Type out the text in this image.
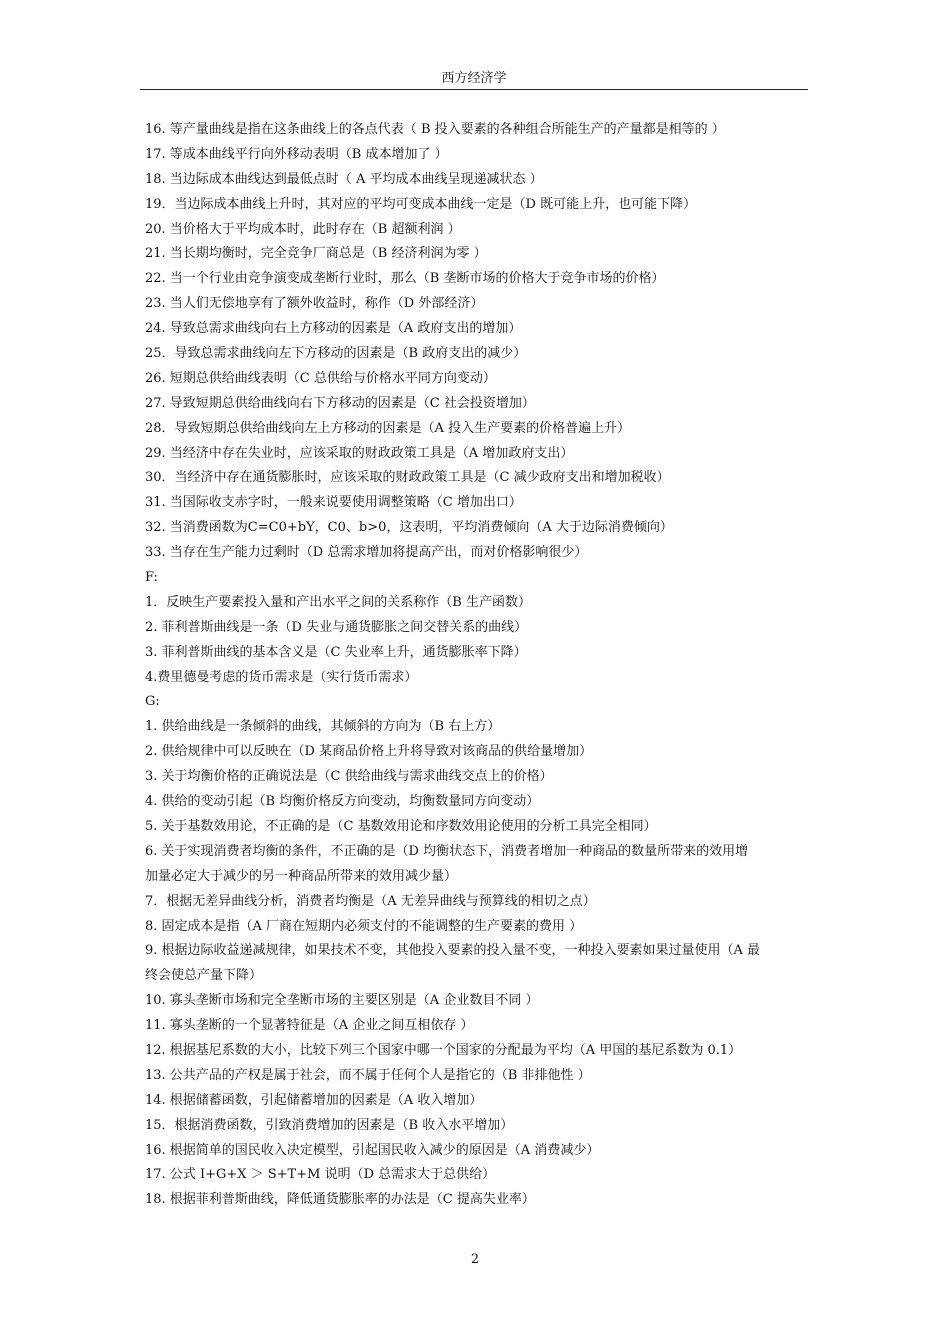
西方经济学
16. 等产量曲线是指在这条曲线上的各点代表（ B 投入要素的各种组合所能生产的产量都是相等的 ）
17. 等成本曲线平行向外移动表明（B 成本增加了 ）
18. 当边际成本曲线达到最低点时（ A 平均成本曲线呈现递减状态 ）
19．当边际成本曲线上升时，其对应的平均可变成本曲线一定是（D 既可能上升，也可能下降）
20. 当价格大于平均成本时，此时存在（B 超额利润 ）
21. 当长期均衡时，完全竞争厂商总是（B 经济利润为零 ）
22. 当一个行业由竞争演变成垄断行业时，那么（B 垄断市场的价格大于竞争市场的价格）
23. 当人们无偿地享有了额外收益时，称作（D 外部经济）
24. 导致总需求曲线向右上方移动的因素是（A 政府支出的增加）
25．导致总需求曲线向左下方移动的因素是（B 政府支出的减少）
26. 短期总供给曲线表明（C 总供给与价格水平同方向变动）
27. 导致短期总供给曲线向右下方移动的因素是（C 社会投资增加）
28．导致短期总供给曲线向左上方移动的因素是（A 投入生产要素的价格普遍上升）
29. 当经济中存在失业时，应该采取的财政政策工具是（A 增加政府支出）
30．当经济中存在通货膨胀时，应该采取的财政政策工具是（C 减少政府支出和增加税收）
31. 当国际收支赤字时，一般来说要使用调整策略（C 增加出口）
32. 当消费函数为C=C0+bY，C0、b>0，这表明，平均消费倾向（A 大于边际消费倾向）
33. 当存在生产能力过剩时（D 总需求增加将提高产出，而对价格影响很少）
F:
1．反映生产要素投入量和产出水平之间的关系称作（B 生产函数）
2. 菲利普斯曲线是一条（D 失业与通货膨胀之间交替关系的曲线）
3. 菲利普斯曲线的基本含义是（C 失业率上升，通货膨胀率下降）
4.费里德曼考虑的货币需求是（实行货币需求）
G:
1. 供给曲线是一条倾斜的曲线，其倾斜的方向为（B 右上方）
2. 供给规律中可以反映在（D 某商品价格上升将导致对该商品的供给量增加）
3. 关于均衡价格的正确说法是（C 供给曲线与需求曲线交点上的价格）
4. 供给的变动引起（B 均衡价格反方向变动，均衡数量同方向变动）
5. 关于基数效用论，不正确的是（C 基数效用论和序数效用论使用的分析工具完全相同）
6. 关于实现消费者均衡的条件，不正确的是（D 均衡状态下，消费者增加一种商品的数量所带来的效用增
加量必定大于减少的另一种商品所带来的效用减少量）
7．根据无差异曲线分析，消费者均衡是（A 无差异曲线与预算线的相切之点）
8. 固定成本是指（A 厂商在短期内必须支付的不能调整的生产要素的费用 ）
9. 根据边际收益递减规律，如果技术不变，其他投入要素的投入量不变，一种投入要素如果过量使用（A 最
终会使总产量下降）
10. 寡头垄断市场和完全垄断市场的主要区别是（A 企业数目不同 ）
11. 寡头垄断的一个显著特征是（A 企业之间互相依存 ）
12. 根据基尼系数的大小，比较下列三个国家中哪一个国家的分配最为平均（A 甲国的基尼系数为 0.1）
13. 公共产品的产权是属于社会，而不属于任何个人是指它的（B 非排他性 ）
14. 根据储蓄函数，引起储蓄增加的因素是（A 收入增加）
15．根据消费函数，引致消费增加的因素是（B 收入水平增加）
16. 根据简单的国民收入决定模型，引起国民收入减少的原因是（A 消费减少）
17. 公式 I+G+X ＞ S+T+M 说明（D 总需求大于总供给）
18. 根据菲利普斯曲线，降低通货膨胀率的办法是（C 提高失业率）
2
